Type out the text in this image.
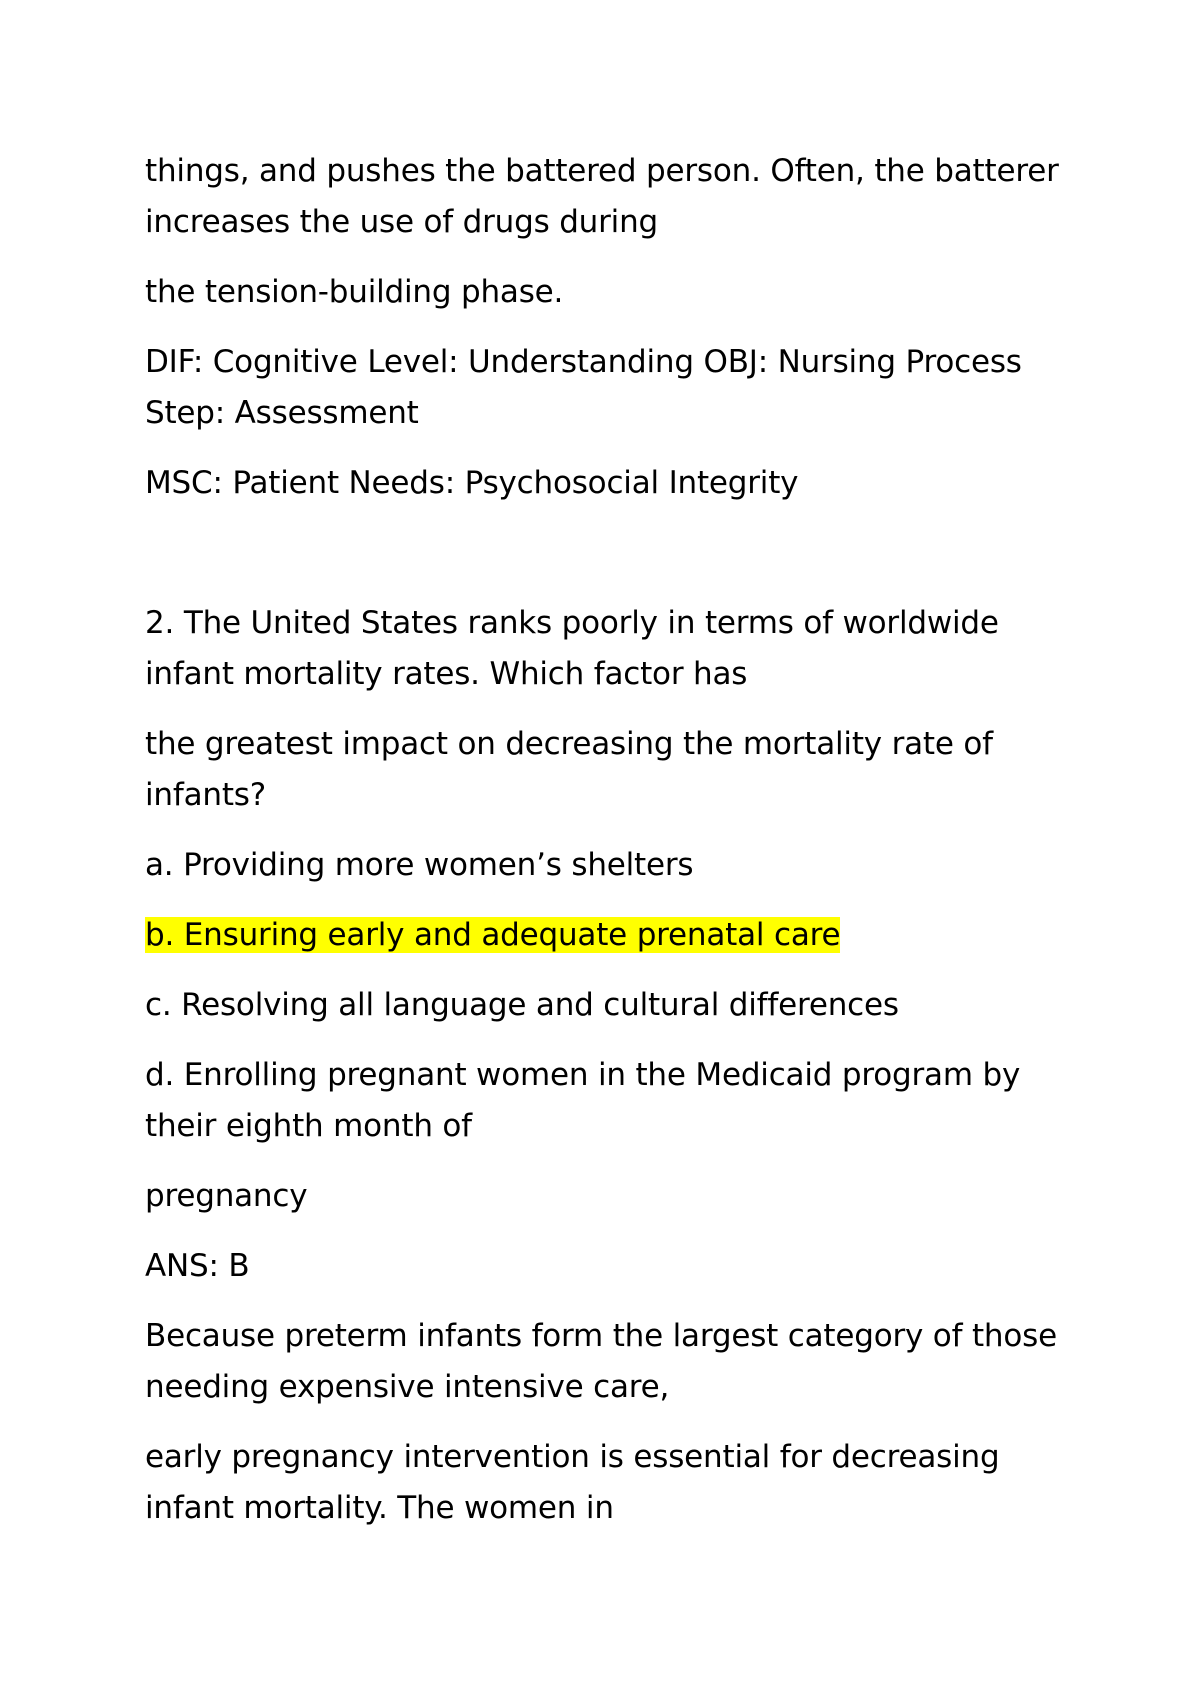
things, and pushes the battered person. Often, the batterer increases the use of drugs during

the tension-building phase.

DIF: Cognitive Level: Understanding OBJ: Nursing Process Step: Assessment

MSC: Patient Needs: Psychosocial Integrity

2. The United States ranks poorly in terms of worldwide infant mortality rates. Which factor has

the greatest impact on decreasing the mortality rate of infants?

a. Providing more women’s shelters

b. Ensuring early and adequate prenatal care

c. Resolving all language and cultural differences

d. Enrolling pregnant women in the Medicaid program by their eighth month of

pregnancy

ANS: B

Because preterm infants form the largest category of those needing expensive intensive care,

early pregnancy intervention is essential for decreasing infant mortality. The women in
